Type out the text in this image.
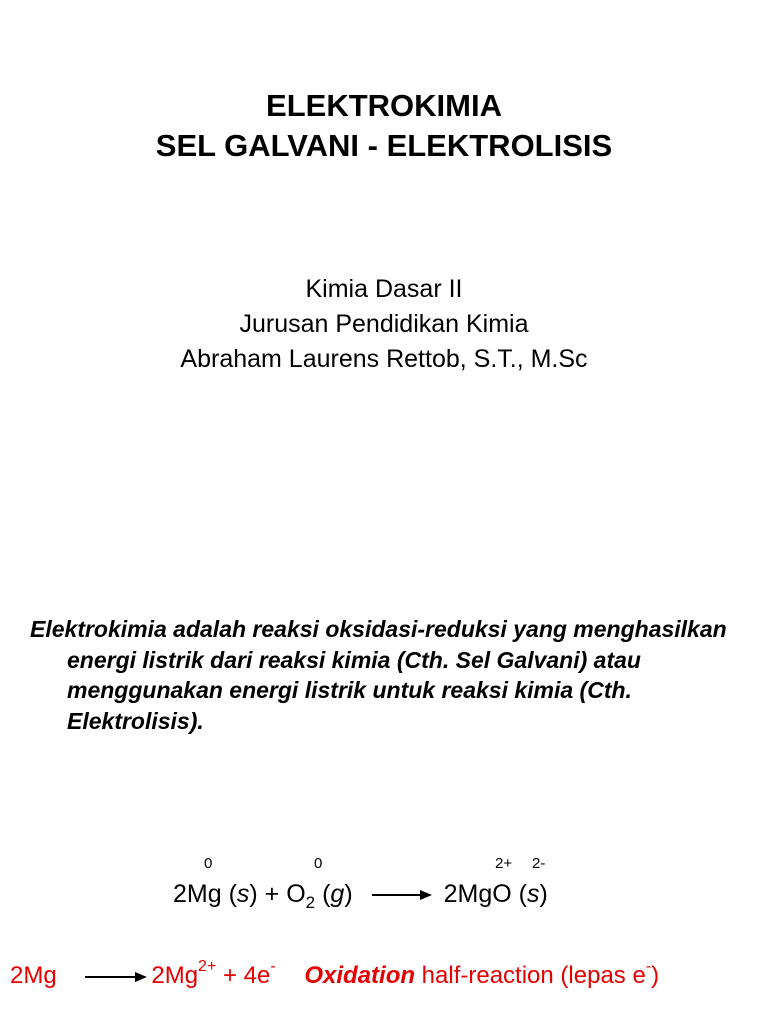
ELEKTROKIMIA
SEL GALVANI - ELEKTROLISIS
Kimia Dasar II
Jurusan Pendidikan Kimia
Abraham Laurens Rettob, S.T., M.Sc
Elektrokimia adalah reaksi oksidasi-reduksi yang menghasilkan energi listrik dari reaksi kimia (Cth. Sel Galvani) atau menggunakan energi listrik untuk reaksi kimia (Cth. Elektrolisis).
0	0	2+ 2-
2Mg $(s) + O_2$ (g) → 2MgO (s)
2Mg	$2Mg^{2+} + 4e^-$ Oxidation half-reaction (lepas e-)
